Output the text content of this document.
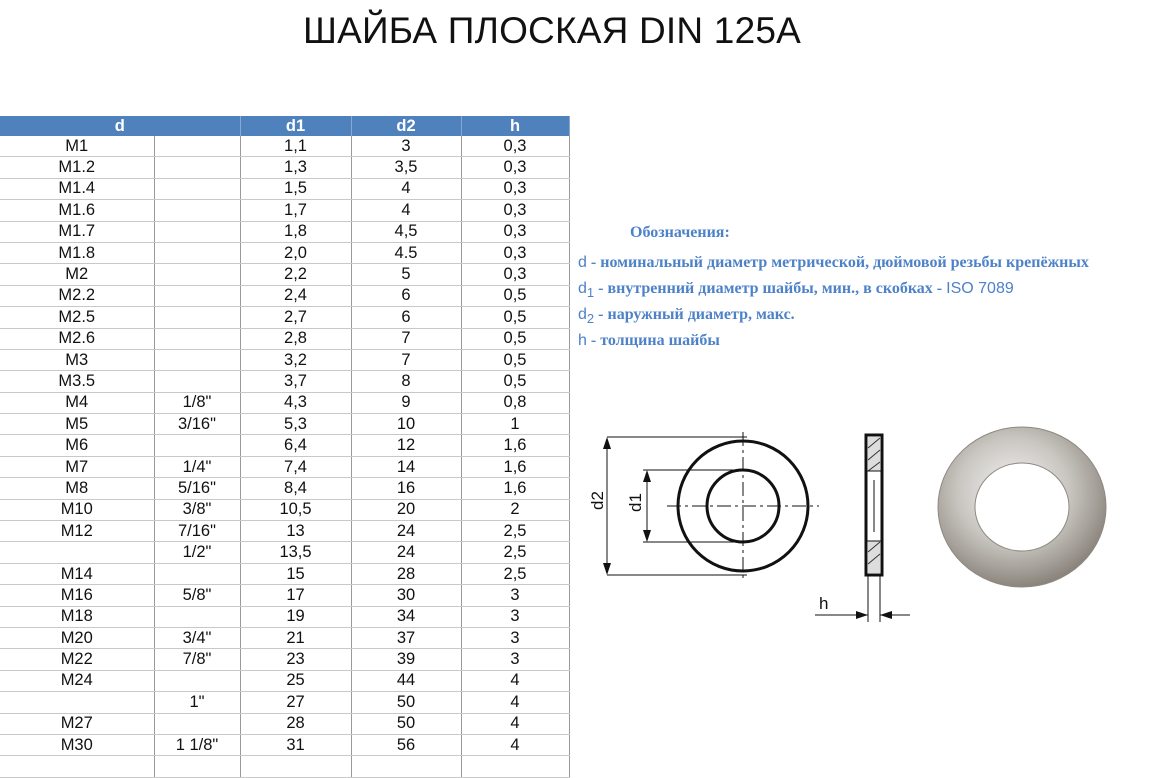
ШАЙБА ПЛОСКАЯ DIN 125A
d		d1	d2	h
M1		1,1	3	0,3
M1.2		1,3	3,5	0,3
M1.4		1,5	4	0,3
M1.6		1,7	4	0,3
M1.7		1,8	4,5	0,3
M1.8		2,0	4.5	0,3
M2		2,2	5	0,3
M2.2		2,4	6	0,5
M2.5		2,7	6	0,5
M2.6		2,8	7	0,5
M3		3,2	7	0,5
M3.5		3,7	8	0,5
M4	1/8"	4,3	9	0,8
M5	3/16"	5,3	10	1
M6		6,4	12	1,6
M7	1/4"	7,4	14	1,6
M8	5/16"	8,4	16	1,6
M10	3/8"	10,5	20	2
M12	7/16"	13	24	2,5
	1/2"	13,5	24	2,5
M14		15	28	2,5
M16	5/8"	17	30	3
M18		19	34	3
M20	3/4"	21	37	3
M22	7/8"	23	39	3
M24		25	44	4
	1"	27	50	4
M27		28	50	4
M30	1 1/8"	31	56	4

Обозначения:
d - номинальный диаметр метрической, дюймовой резьбы крепёжных
$d_1$ - внутренний диаметр шайбы, мин., в скобках - ISO 7089
$d_2$ - наружный диаметр, макс.
h - толщина шайбы
d2 d1
h
